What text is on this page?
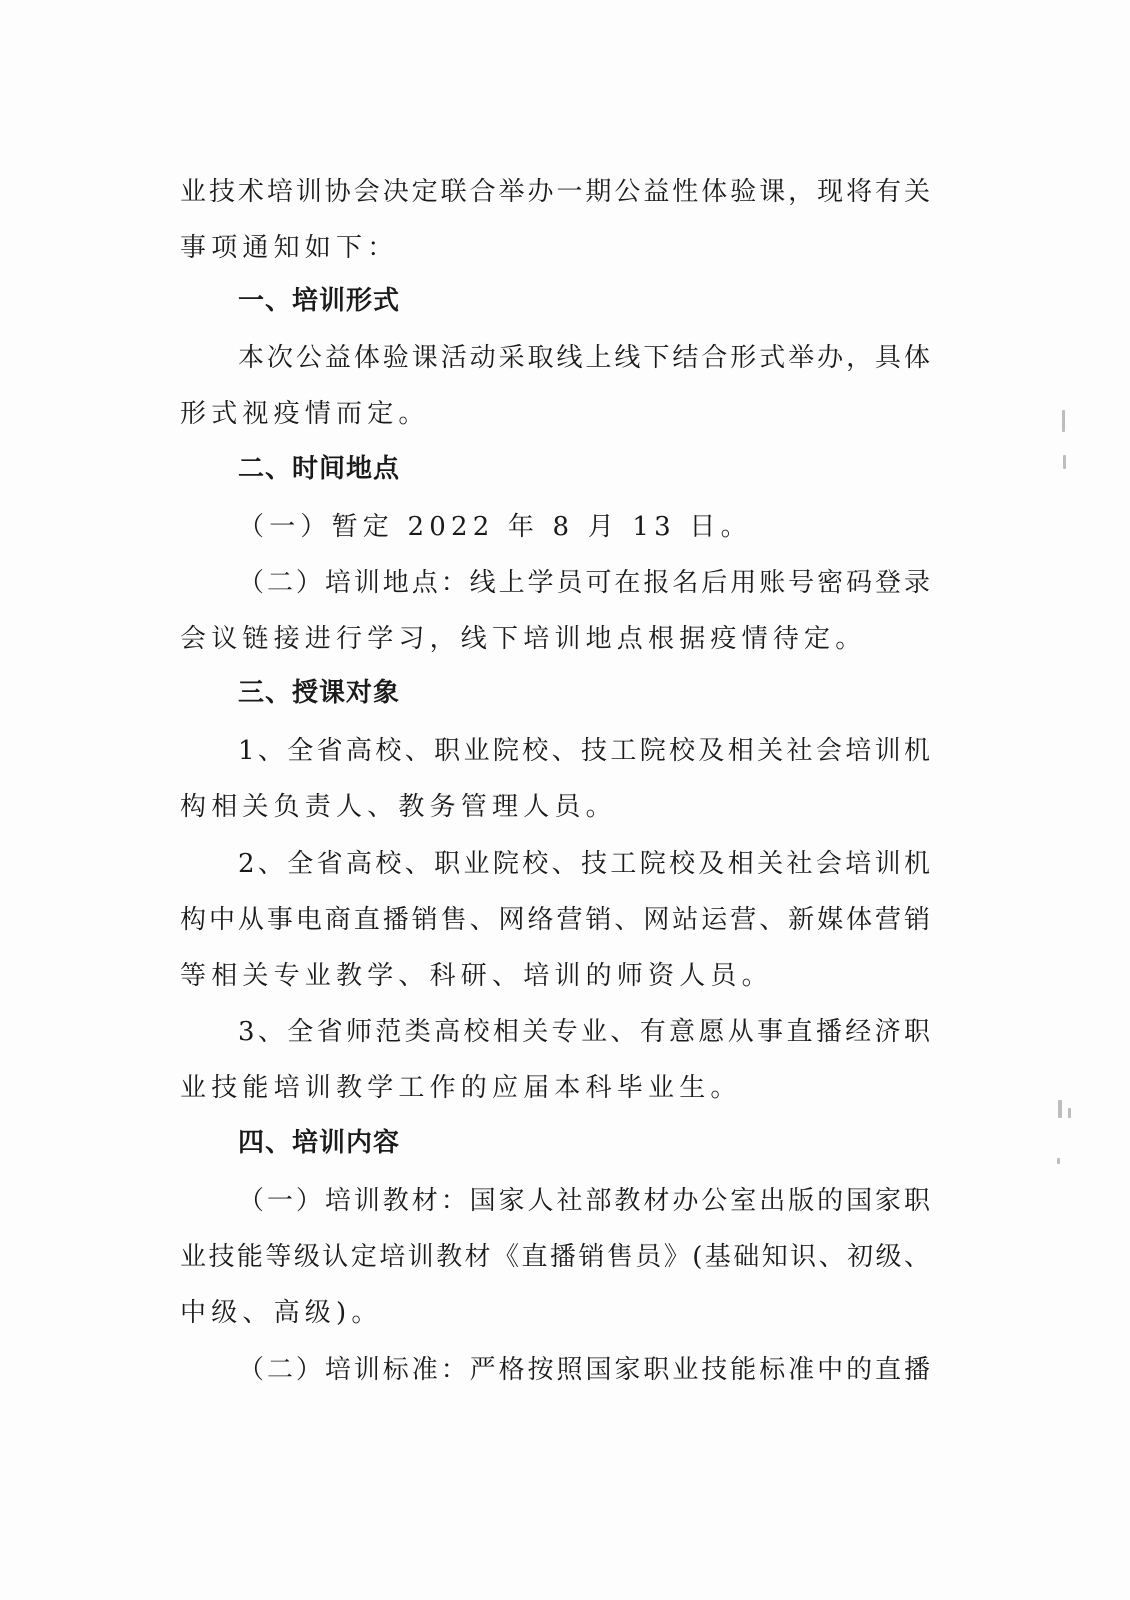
业技术培训协会决定联合举办一期公益性体验课，现将有关
事项通知如下：
一、培训形式
本次公益体验课活动采取线上线下结合形式举办，具体
形式视疫情而定。
二、时间地点
（一）暂定 2022 年 8 月 13 日。
（二）培训地点：线上学员可在报名后用账号密码登录
会议链接进行学习，线下培训地点根据疫情待定。
三、授课对象
1、全省高校、职业院校、技工院校及相关社会培训机
构相关负责人、教务管理人员。
2、全省高校、职业院校、技工院校及相关社会培训机
构中从事电商直播销售、网络营销、网站运营、新媒体营销
等相关专业教学、科研、培训的师资人员。
3、全省师范类高校相关专业、有意愿从事直播经济职
业技能培训教学工作的应届本科毕业生。
四、培训内容
（一）培训教材：国家人社部教材办公室出版的国家职
业技能等级认定培训教材《直播销售员》(基础知识、初级、
中级、高级)。
（二）培训标准：严格按照国家职业技能标准中的直播
